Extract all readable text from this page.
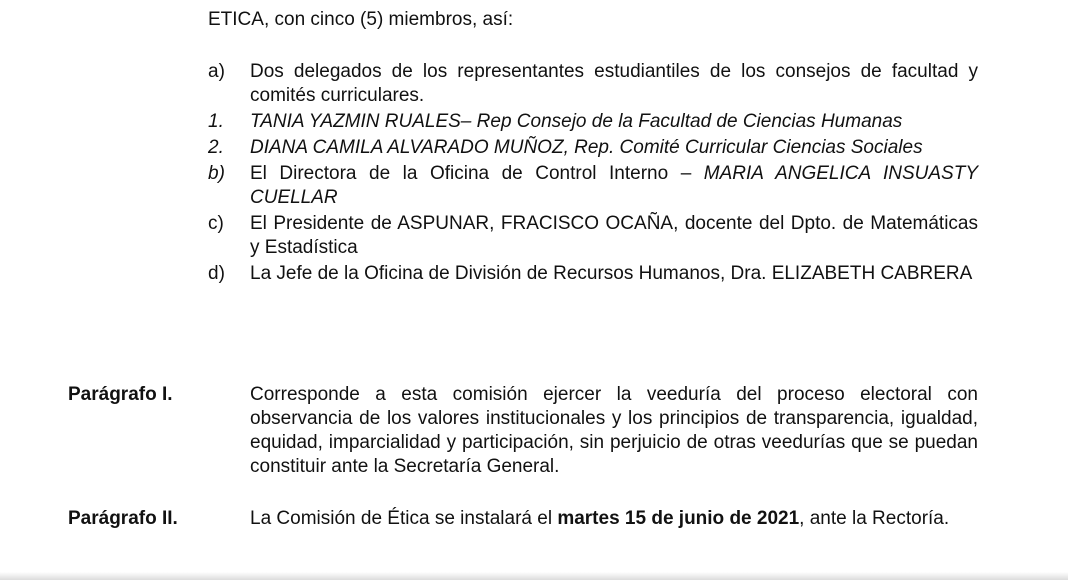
ETICA, con cinco (5) miembros, así:
a)	Dos delegados de los representantes estudiantiles de los consejos de facultad y comités curriculares.
1.	TANIA YAZMIN RUALES– Rep Consejo de la Facultad de Ciencias Humanas
2.	DIANA CAMILA ALVARADO MUÑOZ, Rep. Comité Curricular Ciencias Sociales
b)	El Directora de la Oficina de Control Interno – MARIA ANGELICA INSUASTY CUELLAR
c)	El Presidente de ASPUNAR, FRACISCO OCAÑA, docente del Dpto. de Matemáticas y Estadística
d)	La Jefe de la Oficina de División de Recursos Humanos, Dra. ELIZABETH CABRERA
Parágrafo I.	Corresponde a esta comisión ejercer la veeduría del proceso electoral con observancia de los valores institucionales y los principios de transparencia, igualdad, equidad, imparcialidad y participación, sin perjuicio de otras veedurías que se puedan constituir ante la Secretaría General.
Parágrafo II.	La Comisión de Ética se instalará el martes 15 de junio de 2021, ante la Rectoría.
